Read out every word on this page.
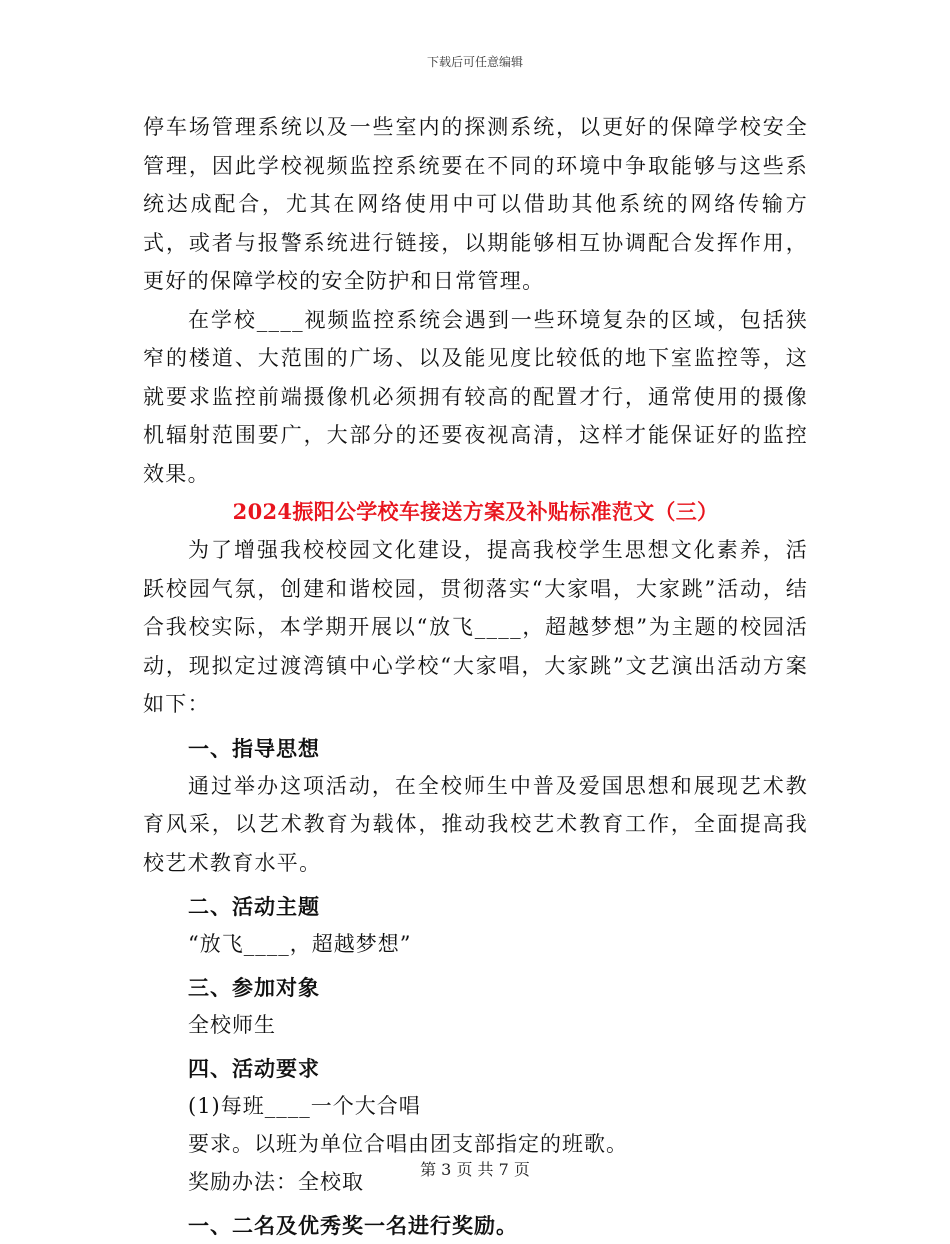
下载后可任意编辑

停车场管理系统以及一些室内的探测系统，以更好的保障学校安全管理，因此学校视频监控系统要在不同的环境中争取能够与这些系统达成配合，尤其在网络使用中可以借助其他系统的网络传输方式，或者与报警系统进行链接，以期能够相互协调配合发挥作用，更好的保障学校的安全防护和日常管理。

在学校____视频监控系统会遇到一些环境复杂的区域，包括狭窄的楼道、大范围的广场、以及能见度比较低的地下室监控等，这就要求监控前端摄像机必须拥有较高的配置才行，通常使用的摄像机辐射范围要广，大部分的还要夜视高清，这样才能保证好的监控效果。

2024振阳公学校车接送方案及补贴标准范文（三）

为了增强我校校园文化建设，提高我校学生思想文化素养，活跃校园气氛，创建和谐校园，贯彻落实“大家唱，大家跳”活动，结合我校实际，本学期开展以“放飞____，超越梦想”为主题的校园活动，现拟定过渡湾镇中心学校“大家唱，大家跳”文艺演出活动方案如下：

一、指导思想

通过举办这项活动，在全校师生中普及爱国思想和展现艺术教育风采，以艺术教育为载体，推动我校艺术教育工作，全面提高我校艺术教育水平。

二、活动主题

“放飞____，超越梦想”

三、参加对象

全校师生

四、活动要求

(1)每班____一个大合唱

要求。以班为单位合唱由团支部指定的班歌。

奖励办法：全校取

一、二名及优秀奖一名进行奖励。

第 3 页 共 7 页
